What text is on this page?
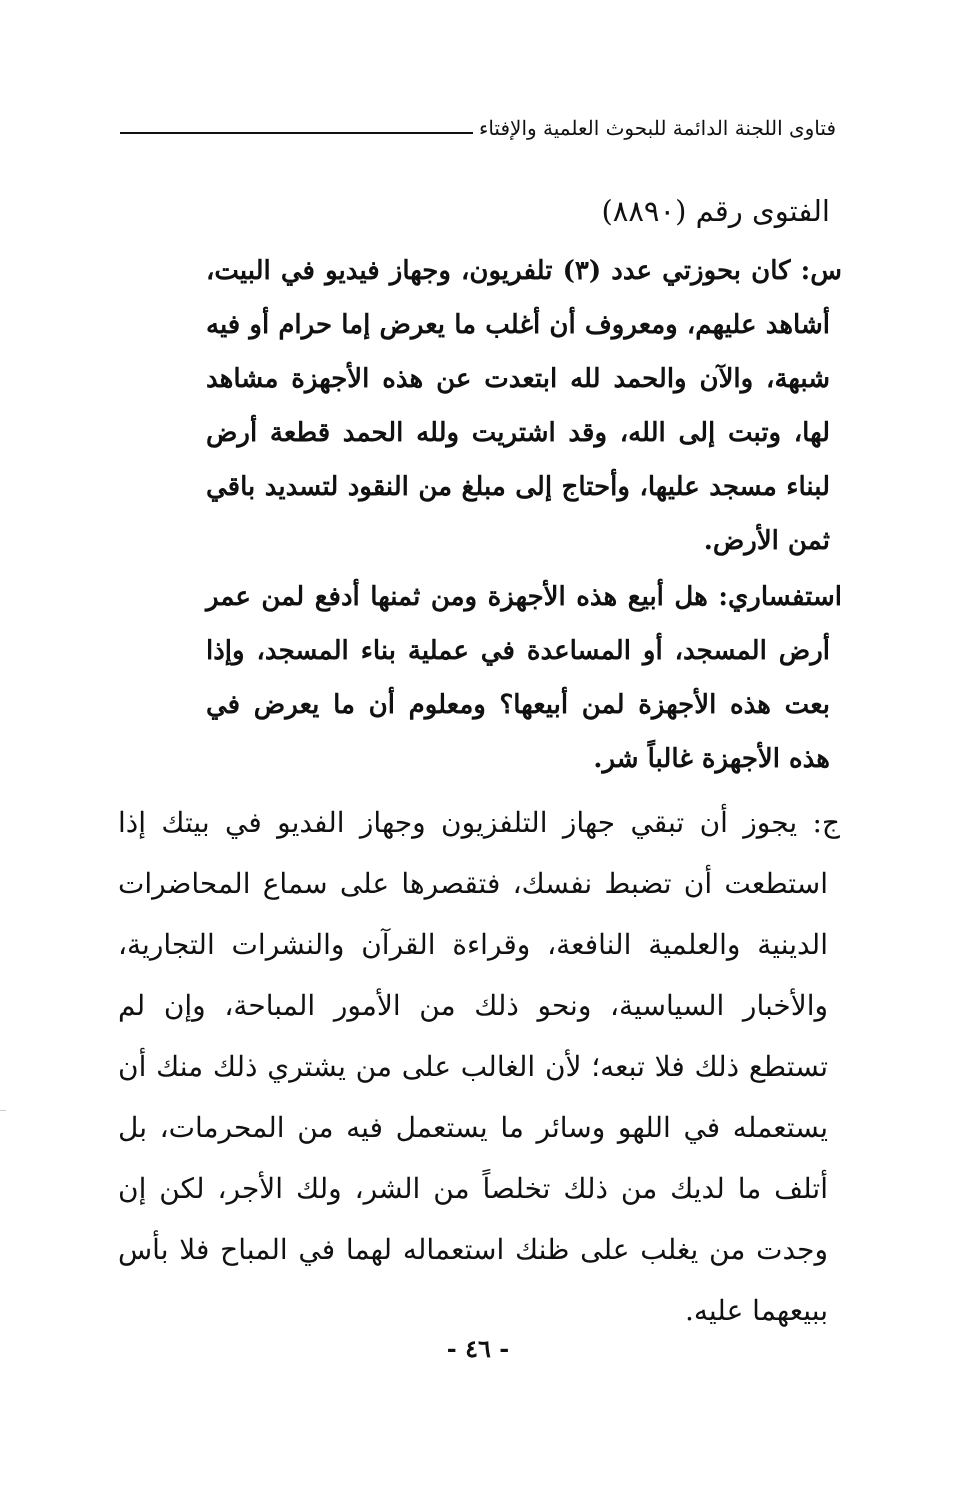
فتاوى اللجنة الدائمة للبحوث العلمية والإفتاء

الفتوى رقم (٨٨٩٠)

س: كان بحوزتي عدد (٣) تلفريون، وجهاز فيديو في البيت، أشاهد عليهم، ومعروف أن أغلب ما يعرض إما حرام أو فيه شبهة، والآن والحمد لله ابتعدت عن هذه الأجهزة مشاهد لها، وتبت إلى الله، وقد اشتريت ولله الحمد قطعة أرض لبناء مسجد عليها، وأحتاج إلى مبلغ من النقود لتسديد باقي ثمن الأرض.

استفساري: هل أبيع هذه الأجهزة ومن ثمنها أدفع لمن عمر أرض المسجد، أو المساعدة في عملية بناء المسجد، وإذا بعت هذه الأجهزة لمن أبيعها؟ ومعلوم أن ما يعرض في هذه الأجهزة غالباً شر.

ج: يجوز أن تبقي جهاز التلفزيون وجهاز الفديو في بيتك إذا استطعت أن تضبط نفسك، فتقصرها على سماع المحاضرات الدينية والعلمية النافعة، وقراءة القرآن والنشرات التجارية، والأخبار السياسية، ونحو ذلك من الأمور المباحة، وإن لم تستطع ذلك فلا تبعه؛ لأن الغالب على من يشتري ذلك منك أن يستعمله في اللهو وسائر ما يستعمل فيه من المحرمات، بل أتلف ما لديك من ذلك تخلصاً من الشر، ولك الأجر، لكن إن وجدت من يغلب على ظنك استعماله لهما في المباح فلا بأس ببيعهما عليه.

- ٤٦ -
